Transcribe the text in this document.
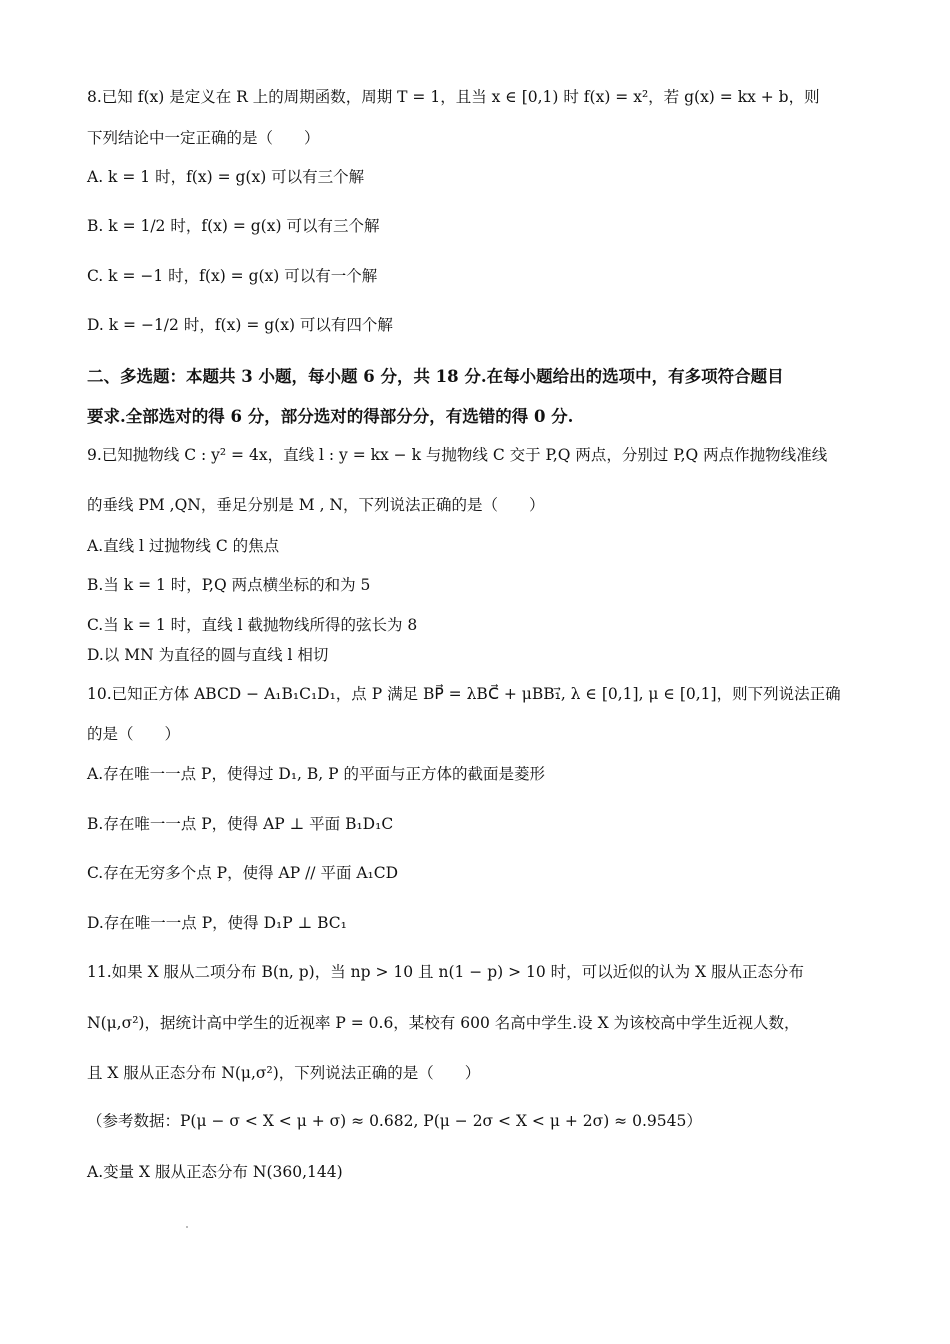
8.已知 f(x) 是定义在 R 上的周期函数，周期 T = 1，且当 x ∈ [0,1) 时 f(x) = x²，若 g(x) = kx + b，则
下列结论中一定正确的是（　　）
A. k = 1 时，f(x) = g(x) 可以有三个解
B. k = 1/2 时，f(x) = g(x) 可以有三个解
C. k = −1 时，f(x) = g(x) 可以有一个解
D. k = −1/2 时，f(x) = g(x) 可以有四个解
二、多选题：本题共 3 小题，每小题 6 分，共 18 分.在每小题给出的选项中，有多项符合题目
要求.全部选对的得 6 分，部分选对的得部分分，有选错的得 0 分.
9.已知抛物线 C : y² = 4x，直线 l : y = kx − k 与抛物线 C 交于 P,Q 两点，分别过 P,Q 两点作抛物线准线
的垂线 PM ,QN，垂足分别是 M , N，下列说法正确的是（　　）
A.直线 l 过抛物线 C 的焦点
B.当 k = 1 时，P,Q 两点横坐标的和为 5
C.当 k = 1 时，直线 l 截抛物线所得的弦长为 8
D.以 MN 为直径的圆与直线 l 相切
10.已知正方体 ABCD − A₁B₁C₁D₁，点 P 满足 BP⃗ = λBC⃗ + μBB₁⃗, λ ∈ [0,1], μ ∈ [0,1]，则下列说法正确
的是（　　）
A.存在唯一一点 P，使得过 D₁, B, P 的平面与正方体的截面是菱形
B.存在唯一一点 P，使得 AP ⊥ 平面 B₁D₁C
C.存在无穷多个点 P，使得 AP // 平面 A₁CD
D.存在唯一一点 P，使得 D₁P ⊥ BC₁
11.如果 X 服从二项分布 B(n, p)，当 np > 10 且 n(1 − p) > 10 时，可以近似的认为 X 服从正态分布
N(μ,σ²)，据统计高中学生的近视率 P = 0.6，某校有 600 名高中学生.设 X 为该校高中学生近视人数，
且 X 服从正态分布 N(μ,σ²)，下列说法正确的是（　　）
（参考数据：P(μ − σ < X < μ + σ) ≈ 0.682, P(μ − 2σ < X < μ + 2σ) ≈ 0.9545）
A.变量 X 服从正态分布 N(360,144)
